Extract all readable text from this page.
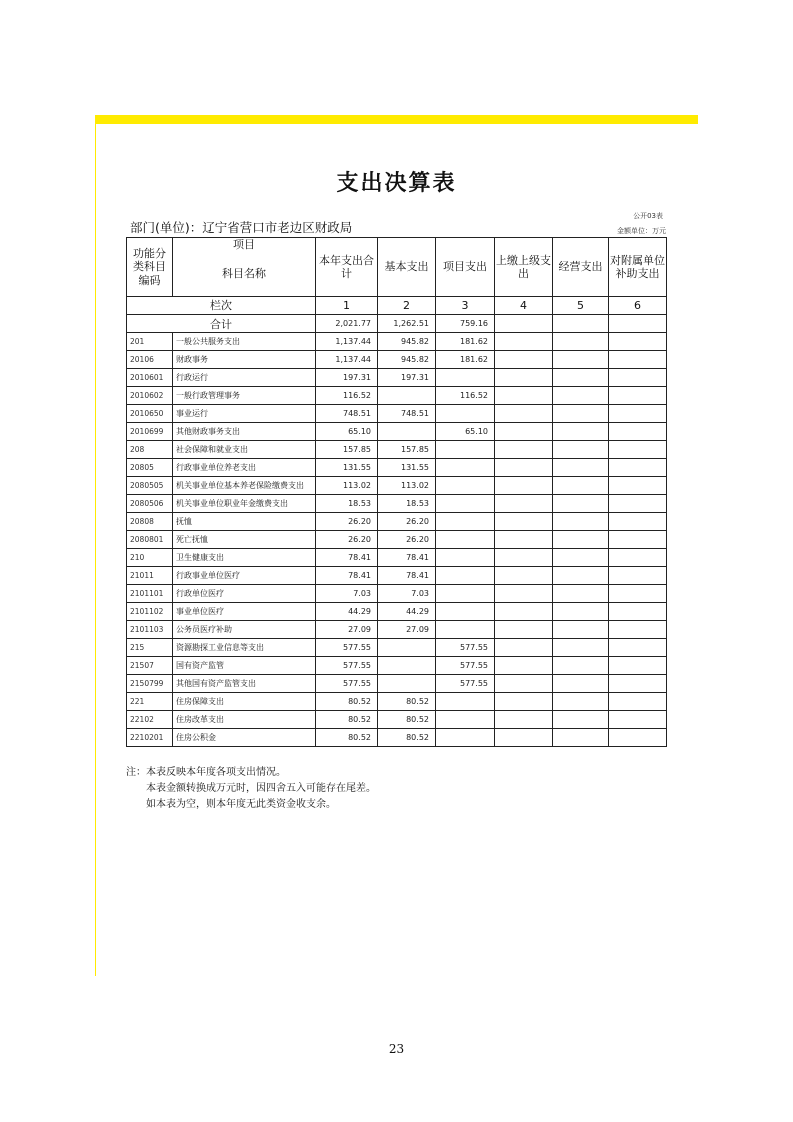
支出决算表
公开03表
部门(单位)：辽宁省营口市老边区财政局	金额单位：万元
功能分类科目编码	项目	本年支出合计	基本支出	项目支出	上缴上级支出	经营支出	对附属单位补助支出
	科目名称						
栏次		1	2	3	4	5	6
合计		2,021.77	1,262.51	759.16			
201	一般公共服务支出	1,137.44	945.82	181.62			
20106	财政事务	1,137.44	945.82	181.62			
2010601	行政运行	197.31	197.31				
2010602	一般行政管理事务	116.52		116.52			
2010650	事业运行	748.51	748.51				
2010699	其他财政事务支出	65.10		65.10			
208	社会保障和就业支出	157.85	157.85				
20805	行政事业单位养老支出	131.55	131.55				
2080505	机关事业单位基本养老保险缴费支出	113.02	113.02				
2080506	机关事业单位职业年金缴费支出	18.53	18.53				
20808	抚恤	26.20	26.20				
2080801	死亡抚恤	26.20	26.20				
210	卫生健康支出	78.41	78.41				
21011	行政事业单位医疗	78.41	78.41				
2101101	行政单位医疗	7.03	7.03				
2101102	事业单位医疗	44.29	44.29				
2101103	公务员医疗补助	27.09	27.09				
215	资源勘探工业信息等支出	577.55		577.55			
21507	国有资产监管	577.55		577.55			
2150799	其他国有资产监管支出	577.55		577.55			
221	住房保障支出	80.52	80.52				
22102	住房改革支出	80.52	80.52				
2210201	住房公积金	80.52	80.52				
注：本表反映本年度各项支出情况。
本表金额转换成万元时，因四舍五入可能存在尾差。
如本表为空，则本年度无此类资金收支余。
23
